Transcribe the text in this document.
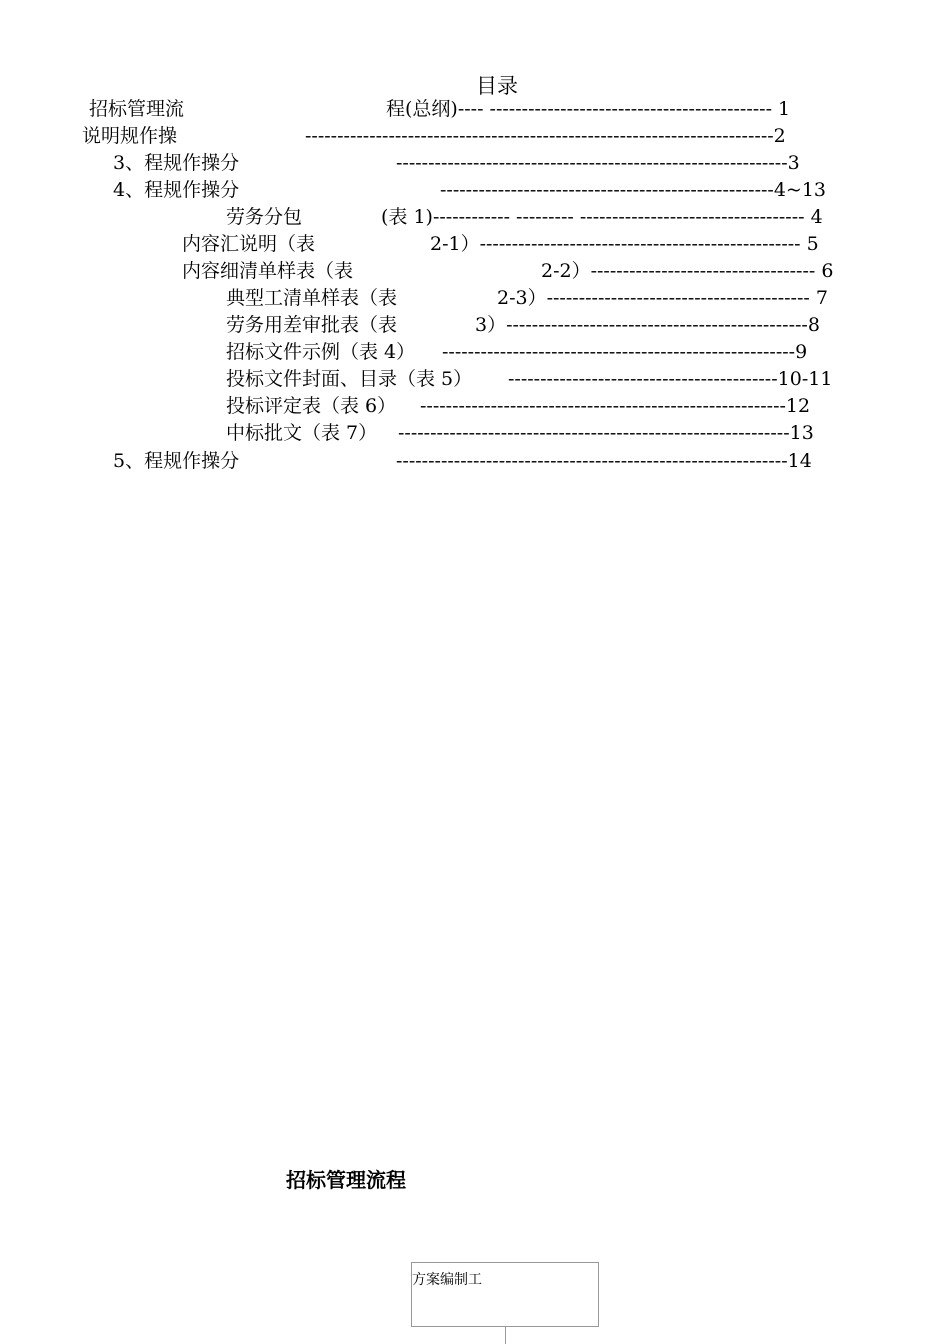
目录
招标管理流	程(总纲)---- -------------------------------------------- 1
说明规作操	-------------------------------------------------------------------------2
3、程规作操分	-------------------------------------------------------------3
4、程规作操分	----------------------------------------------------4~13
劳务分包	(表 1)------------ --------- ----------------------------------- 4
内容汇说明（表	2-1）-------------------------------------------------- 5
内容细清单样表（表	2-2）----------------------------------- 6
典型工清单样表（表	2-3）----------------------------------------- 7
劳务用差审批表（表	3）-----------------------------------------------8
招标文件示例（表 4） -------------------------------------------------------9
投标文件封面、目录（表 5） ------------------------------------------10-11
投标评定表（表 6） ---------------------------------------------------------12
中标批文（表 7） -------------------------------------------------------------13
5、程规作操分	-------------------------------------------------------------14
招标管理流程
方案编制工
